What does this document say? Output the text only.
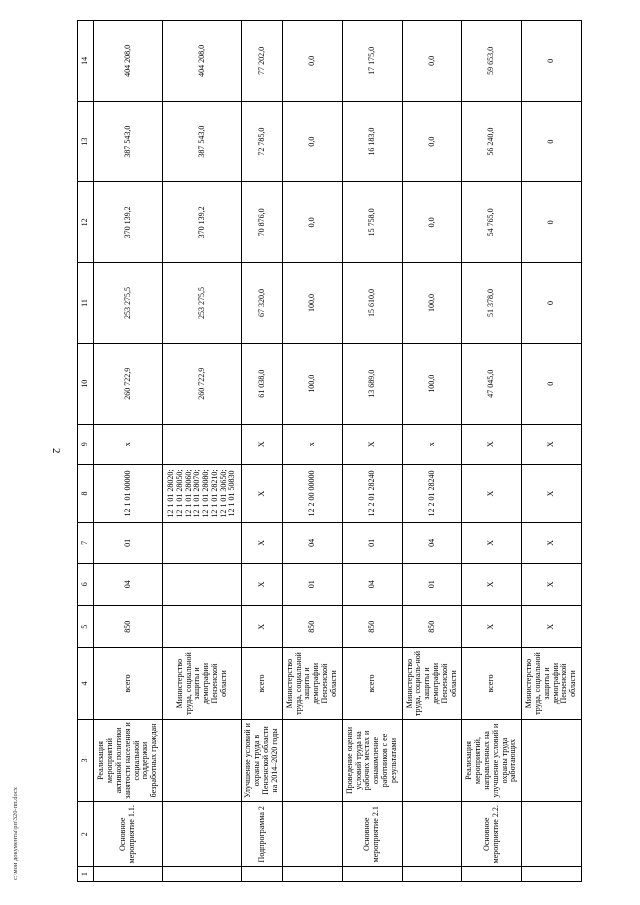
2
1	2	3	4	5	6	7	8	9	10	11	12	13	14
	Основное мероприятие 1.1.	Реализация мероприятий активной политики занятости населения и социальной поддержки безработных граждан	всего	850	04	01	12 1 01 00000	x	260 722,9	253 275,5	370 139,2	387 543,0	404 208,0
			Министерство труда, социальной защиты и демографии Пензенской области				12 1 01 28020; 12 1 01 28050; 12 1 01 28060; 12 1 01 28070; 12 1 01 28080; 12 1 01 28210; 12 1 01 30650; 12 1 01 50830		260 722,9	253 275,5	370 139,2	387 543,0	404 208,0
	Подпрограмма 2	Улучшение условий и охраны труда в Пензенской области на 2014–2020 годы	всего	X	X	X	X	X	61 038,0	67 320,0	70 876,0	72 785,0	77 202,0
			Министерство труда, социальной защиты и демографии Пензенской области	850	01	04	12 2 00 00000	x	100,0	100,0	0,0	0,0	0,0
	Основное мероприятие 2.1	Проведение оценки условий труда на рабочих местах и ознакомление работников с ее результатами	всего	850	04	01	12 2 01 28240	X	13 689,0	15 610,0	15 758,0	16 183,0	17 175,0
			Министерство труда, социаль-ной защиты и демографии Пензенской области	850	01	04	12 2 01 28240	x	100,0	100,0	0,0	0,0	0,0
	Основное мероприятие 2.2.	Реализация мероприятий, направленных на улучшение условий и охраны труда работающих	всего	X	X	X	X	X	47 045,0	51 378,0	54 765,0	56 240,0	59 653,0
			Министерство труда, социальной защиты и демографии Пензенской области	X	X	X	X	X	0	0	0	0	0
c:\мои документы\рп\320-пп.docx
